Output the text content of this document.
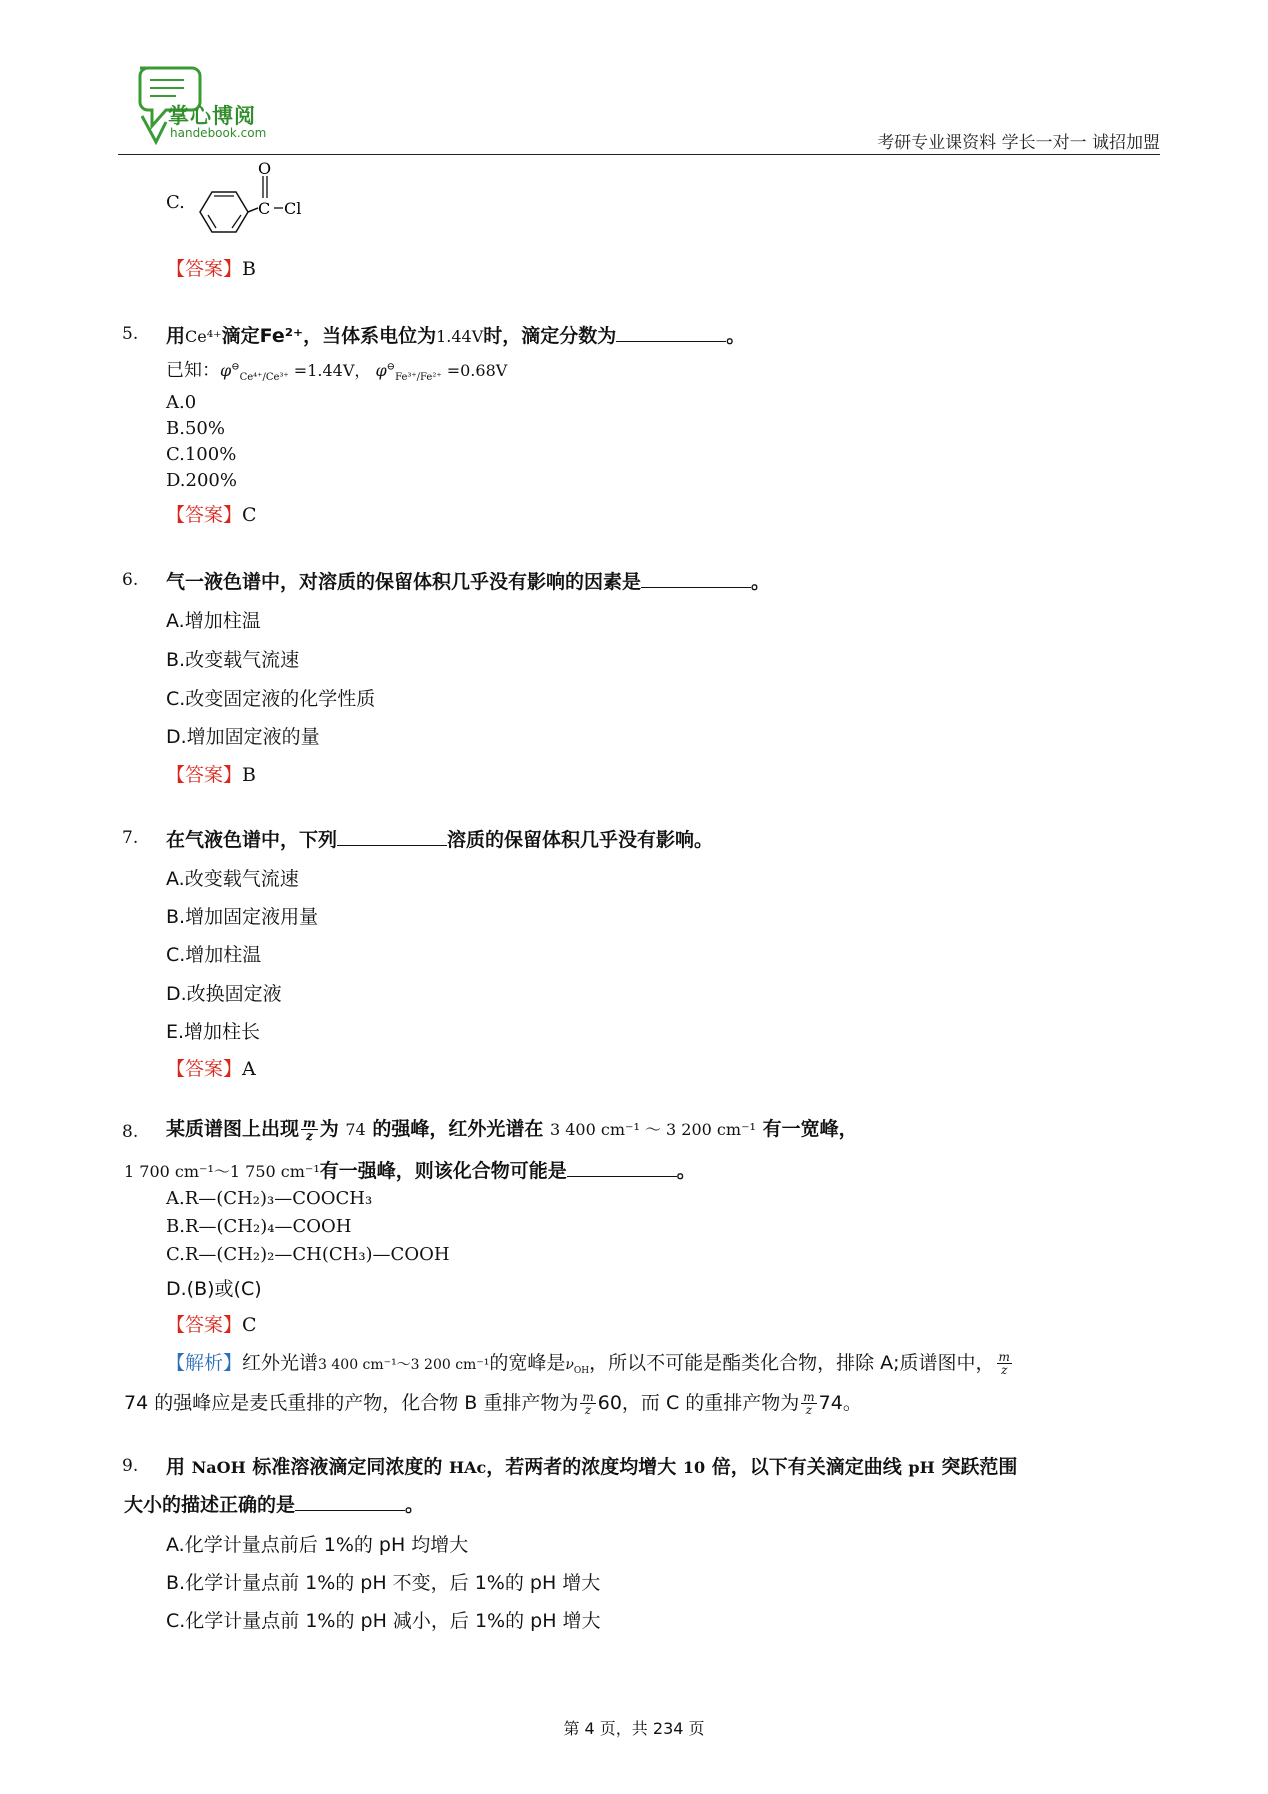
掌心博阅
handebook.com	考研专业课资料 学长一对一 诚招加盟
C.
O
C Cl
【答案】B
5. 用Ce⁴⁺滴定Fe²⁺，当体系电位为1.44V时，滴定分数为	。
已知：$\varphi^⊖_{Ce^{4+}/Ce^{3+}} =1.44V$， $\varphi^⊖_{Fe^{3+}/Fe^{2+}} =0.68V$
A.0
B.50%
C.100%
D.200%
【答案】C
6. 气一液色谱中，对溶质的保留体积几乎没有影响的因素是	。
A.增加柱温
B.改变载气流速
C.改变固定液的化学性质
D.增加固定液的量
【答案】B
7. 在气液色谱中，下列	溶质的保留体积几乎没有影响。
A.改变载气流速
B.增加固定液用量
C.增加柱温
D.改换固定液
E.增加柱长
【答案】A
8. 某质谱图上出现 $\frac{m}{z}$ 为 74 的强峰，红外光谱在 3 400 cm⁻¹ ～ 3 200 cm⁻¹ 有一宽峰，
1 700 cm⁻¹～1 750 cm⁻¹有一强峰，则该化合物可能是	。
A.R—(CH₂)₃—COOCH₃
B.R—(CH₂)₄—COOH
C.R—(CH₂)₂—CH(CH₃)—COOH
D.(B)或(C)
【答案】C
【解析】红外光谱3 400 cm⁻¹～3 200 cm⁻¹的宽峰是$\nu_{OH}$，所以不可能是酯类化合物，排除 A;质谱图中， $\frac{m}{z}$
74 的强峰应是麦氏重排的产物，化合物 B 重排产物为 $\frac{m}{z} 60$，而 C 的重排产物为 $\frac{m}{z} 74$。
9. 用 NaOH 标准溶液滴定同浓度的 HAc，若两者的浓度均增大 10 倍，以下有关滴定曲线 pH 突跃范围
大小的描述正确的是	。
A.化学计量点前后 1%的 pH 均增大
B.化学计量点前 1%的 pH 不变，后 1%的 pH 增大
C.化学计量点前 1%的 pH 减小，后 1%的 pH 增大
第 4 页，共 234 页
